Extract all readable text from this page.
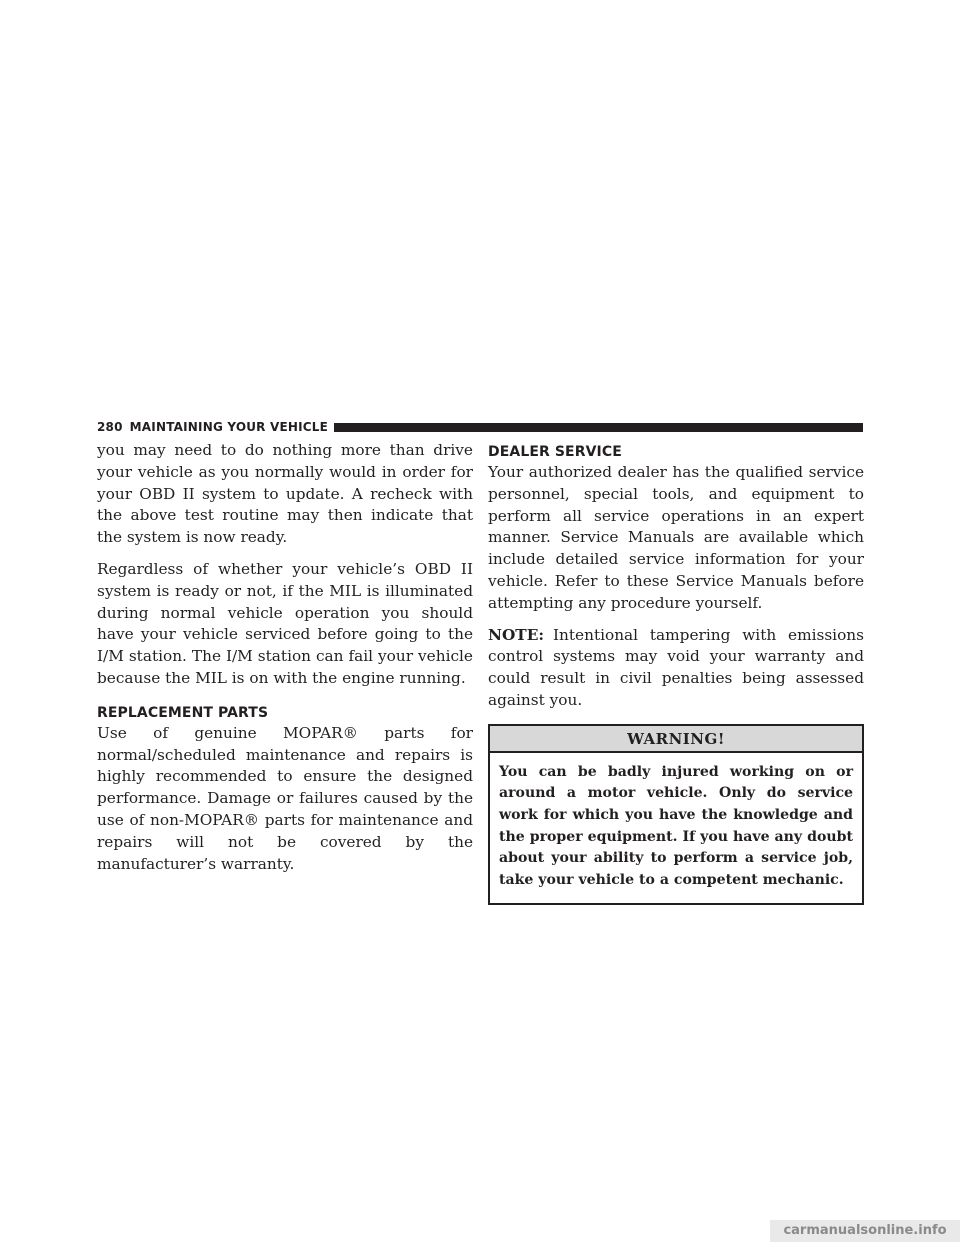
280 MAINTAINING YOUR VEHICLE

you may need to do nothing more than drive your vehicle as you normally would in order for your OBD II system to update. A recheck with the above test routine may then indicate that the system is now ready.

Regardless of whether your vehicle’s OBD II system is ready or not, if the MIL is illuminated during normal vehicle operation you should have your vehicle serviced before going to the I/M station. The I/M station can fail your vehicle because the MIL is on with the engine running.

REPLACEMENT PARTS

Use of genuine MOPAR® parts for normal/scheduled maintenance and repairs is highly recommended to ensure the designed performance. Damage or failures caused by the use of non-MOPAR® parts for maintenance and repairs will not be covered by the manufacturer’s warranty.

DEALER SERVICE

Your authorized dealer has the qualified service personnel, special tools, and equipment to perform all service operations in an expert manner. Service Manuals are available which include detailed service information for your vehicle. Refer to these Service Manuals before attempting any procedure yourself.

NOTE: Intentional tampering with emissions control systems may void your warranty and could result in civil penalties being assessed against you.

WARNING!
You can be badly injured working on or around a motor vehicle. Only do service work for which you have the knowledge and the proper equipment. If you have any doubt about your ability to perform a service job, take your vehicle to a competent mechanic.
carmanualsonline.info
